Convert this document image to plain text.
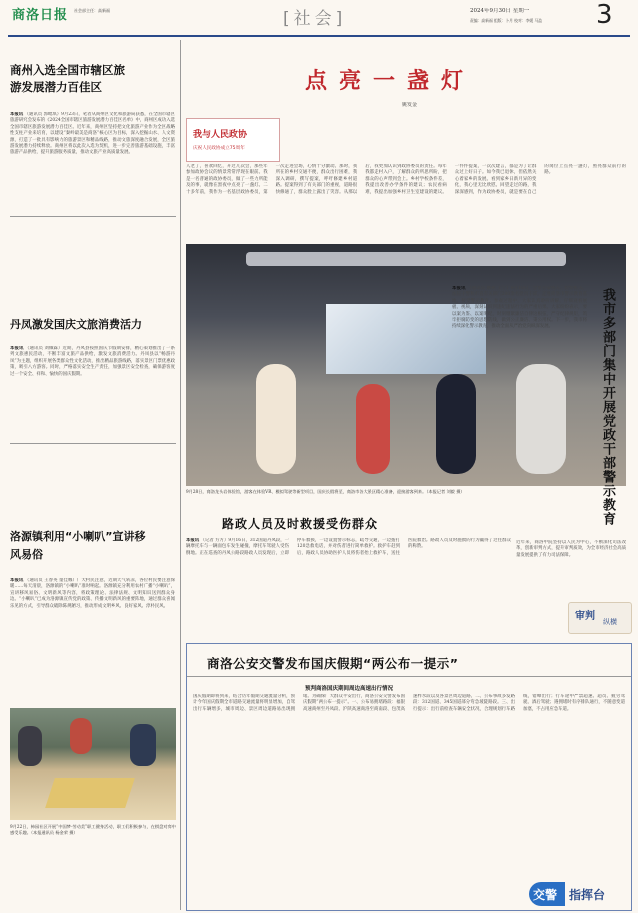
商洛日报 社会部主任：高新福	[社会]	2024年9月30日 星期一
责编：高新福 组版：卜月 校对：李媛 马盈	3
商州入选全国市辖区旅游发展潜力百佳区
本报讯 （通讯员 郭毗琪）9月23日，笔者从商州区文化和旅游局获悉，在全国市辖区旅游研究会发布的《2024全国市辖区旅游发展潜力百佳区名单》中，商州区成功入选全国市辖区旅游发展潜力百佳区。近年来，商州区坚持把文化旅游产业作为全区战略性支柱产业来培育，以建设“秦岭最美是商洛”核心区为目标，深入挖掘山水、人文资源，打造了一批具有影响力的旅游景区和精品线路，推动文旅深度融合发展，全区旅游发展潜力持续释放。商州区将以此次入选为契机，进一步完善旅游基础设施，丰富旅游产品供给，提升旅游服务质量，推动文旅产业高质量发展。
丹凤激发国庆文旅消费活力
本报讯 （通讯员 刘佩霖）近期，丹凤县按照国庆节假期安排，精心策划推出了一系列文旅惠民活动，不断丰富文旅产品供给，激发文旅消费活力。丹凤县以“畅游丹凤”为主题，组织开展各类群众性文化活动，推出精品旅游线路，落实景区门票优惠政策，吸引八方游客。同时，严格落实安全生产责任，加强景区安全检查，确保游客度过一个安全、祥和、愉快的国庆假期。
洛源镇利用“小喇叭”宣讲移风易俗
本报讯 （通讯员 王春英 童佳娜）广大村民注意，近期天气转凉，各位村民要注意保暖……每天清晨，洛源镇的“小喇叭”准时响起。洛源镇充分利用农村广播“小喇叭”，宣讲移风易俗、文明新风等内容，将政策理论、法律法规、文明知识送到群众身边。“小喇叭”已成为洛源镇宣传党的政策、传播文明新风的重要阵地，通过群众喜闻乐见的方式，引导群众破除陈规陋习，推动形成文明乡风、良好家风、淳朴民风。
9月22日，柿园社区开展“中国梦·劳动美”职工健身活动，职工们积极参与，在棋盘对弈中感受乐趣。（本报通讯员 杨金荣 摄）
点亮一盏灯
姚发金
我与人民政协
庆祝人民政协成立75周年
人老了，喜欢回忆，开过几次会，那些年参加政协会议的情景常常浮现在眼前。我是一名普通的政协委员，做了一些力所能及的事，就像在黑夜中点亮了一盏灯。二十多年前，我作为一名基层政协委员，第一次走进会场，心情十分激动。那时，我所在的乡村交通不便，群众出行困难，我深入调研，撰写提案，呼吁修建乡村道路。提案得到了有关部门的重视，道路很快修通了，群众脸上露出了笑容。从那以后，我更加认识到政协委员的责任。每年我都走村入户，了解群众的所思所盼，把群众的心声带到会上。乡村学校条件差，我提出改善办学条件的建议；农民看病难，我提出加强乡村卫生室建设的建议。一件件提案，一次次建言，都是为了让群众过上好日子。如今我已退休，但依然关心着家乡的发展。看到家乡日新月异的变化，我心里无比欣慰。回望走过的路，我深深感到，作为政协委员，就是要在自己的岗位上点亮一盏灯，照亮群众前行的路。
9月28日，商洛龙头岩体验馆，游客在体验VR、模拟驾驶等新型项目，国庆长假将至，商洛市各大景区精心准备，迎接游客到来。（本报记者 刘毅 摄）
路政人员及时救援受伤群众
本报讯 （记者 方方）9月16日，312国道丹凤段，一辆摩托车与一辆面包车发生碰撞，摩托车驾驶人受伤倒地。正在巡查的丹凤公路段路政人员发现后，立即停车救援，一边设置警示标志，疏导交通，一边拨打120急救电话，并对伤者进行简单救护。救护车赶到后，路政人员协助医护人员将伤者抬上救护车，送往医院救治。路政人员及时施救的行为赢得了过往群众的称赞。
本报讯 （通讯员 姚秋 王宁）9月10日，全市公安机关、检察机关、法院干警和市直有关部门200余名党员干部，走进商洛市警示教育基地，接受警示教育。参观过程中，大家认真聆听讲解，仔细观看展板、视频，深刻认识到违纪违法行为的严重后果。大家纷纷表示，要以案为鉴、以案明纪，时刻绷紧廉洁自律这根弦，严守纪律规矩，筑牢拒腐防变的思想防线，做到公正廉洁、秉公用权。下一步，我市将持续深化警示教育，推动全面从严治党向纵深发展。	我市多部门集中开展党政干部警示教育
审判 纵横
近年来，商洛中院坚持以人民为中心，不断深化司法改革，创新审判方式，提升审判质效，为全市经济社会高质量发展提供了有力司法保障。
商洛公安交警发布国庆假期“两公布一提示”
预判商洛国庆期间周边高速出行情况
国庆假期即将到来，结合历年假期交通流量分析，预计今年国庆假期全市道路交通流量将明显增加，自驾出行车辆增多，城市周边、景区周边道路易出现拥堵。为确保广大群众平安出行，商洛公安交警发布国庆假期“两公布一提示”。一、公布易拥堵路段：福银高速商州至丹凤段、沪陕高速商洛至商南段、包茂高速柞水段以及各景区周边道路。二、公布事故多发路段：312国道、345国道部分弯急坡陡路段。三、出行提示：出行前检查车辆安全状况，合理规划行车路线，错峰出行；行车途中严禁超速、超员、疲劳驾驶、酒后驾驶；遇拥堵时有序排队通行，不随意变道加塞，不占用应急车道。
交警 指挥台
